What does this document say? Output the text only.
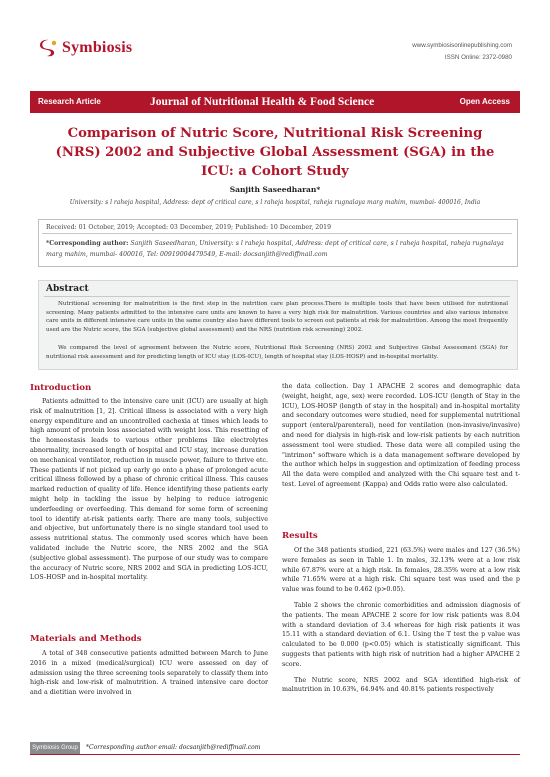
Symbiosis	www.symbiosisonlinepublishing.com
ISSN Online: 2372-0980
Research Article	Journal of Nutritional Health & Food Science	Open Access
Comparison of Nutric Score, Nutritional Risk Screening (NRS) 2002 and Subjective Global Assessment (SGA) in the ICU: a Cohort Study
Sanjith Saseedharan*
University: s l raheja hospital, Address: dept of critical care, s l raheja hospital, raheja rugnalaya marg mahim, mumbai- 400016, India
Received: 01 October, 2019; Accepted: 03 December, 2019; Published: 10 December, 2019
*Corresponding author: Sanjith Saseedharan, University: s l raheja hospital, Address: dept of critical care, s l raheja hospital, raheja rugnalaya marg mahim, mumbai- 400016, Tel: 00919004479549, E-mail: docsanjith@rediffmail.com
Abstract
Nutritional screening for malnutrition is the first step in the nutrition care plan process.There is multiple tools that have been utilised for nutritional screening. Many patients admitted to the intensive care units are known to have a very high risk for malnutrition. Various countries and also various intensive care units in different intensive care units in the same country also have different tools to screen out patients at risk for malnutrition. Among the most frequently used are the Nutric score, the SGA (subjective global assessment) and the NRS (nutrition risk screening) 2002.
We compared the level of agreement between the Nutric score, Nutritional Risk Screening (NRS) 2002 and Subjective Global Assessment (SGA) for nutritional risk assessment and for predicting length of ICU stay (LOS-ICU), length of hospital stay (LOS-HOSP) and in-hospital mortality.
Introduction

Patients admitted to the intensive care unit (ICU) are usually at high risk of malnutrition [1, 2]. Critical illness is associated with a very high energy expenditure and an uncontrolled cachexia at times which leads to high amount of protein loss associated with weight loss. This resetting of the homeostasis leads to various other problems like electrolytes abnormality, increased length of hospital and ICU stay, increase duration on mechanical ventilator, reduction in muscle power, failure to thrive etc. These patients if not picked up early go onto a phase of prolonged acute critical illness followed by a phase of chronic critical illness. This causes marked reduction of quality of life. Hence identifying these patients early might help in tackling the issue by helping to reduce iatrogenic underfeeding or overfeeding. This demand for some form of screening tool to identify at-risk patients early. There are many tools, subjective and objective, but unfortunately there is no single standard tool used to assess nutritional status. The commonly used scores which have been validated include the Nutric score, the NRS 2002 and the SGA (subjective global assessment). The purpose of our study was to compare the accuracy of Nutric score, NRS 2002 and SGA in predicting LOS-ICU, LOS-HOSP and in-hospital mortality.

Materials and Methods

A total of 348 consecutive patients admitted between March to June 2016 in a mixed (medical/surgical) ICU were assessed on day of admission using the three screening tools separately to classify them into high-risk and low-risk of malnutrition. A trained intensive care doctor and a dietitian were involved in

the data collection. Day 1 APACHE 2 scores and demographic data (weight, height, age, sex) were recorded. LOS-ICU (length of Stay in the ICU), LOS-HOSP (length of stay in the hospital) and in-hospital mortality and secondary outcomes were studied, need for supplemental nutritional support (enteral/parenteral), need for ventilation (non-invasive/invasive) and need for dialysis in high-risk and low-risk patients by each nutrition assessment tool were studied. These data were all compiled using the "intrimon" software which is a data management software developed by the author which helps in suggestion and optimization of feeding process All the data were compiled and analyzed with the Chi square test and t-test. Level of agreement (Kappa) and Odds ratio were also calculated.

Results

Of the 348 patients studied, 221 (63.5%) were males and 127 (36.5%) were females as seen in Table 1. In males, 32.13% were at a low risk while 67.87% were at a high risk. In females, 28.35% were at a low risk while 71.65% were at a high risk. Chi square test was used and the p value was found to be 0.462 (p>0.05).

Table 2 shows the chronic comorbidities and admission diagnosis of the patients. The mean APACHE 2 score for low risk patients was 8.04 with a standard deviation of 3.4 whereas for high risk patients it was 15.11 with a standard deviation of 6.1. Using the T test the p value was calculated to be 0.000 (p<0.05) which is statistically significant. This suggests that patients with high risk of nutrition had a higher APACHE 2 score.

The Nutric score, NRS 2002 and SGA identified high-risk of malnutrition in 10.63%, 64.94% and 40.81% patients respectively

Symbiosis Group	*Corresponding author email: docsanjith@rediffmail.com
